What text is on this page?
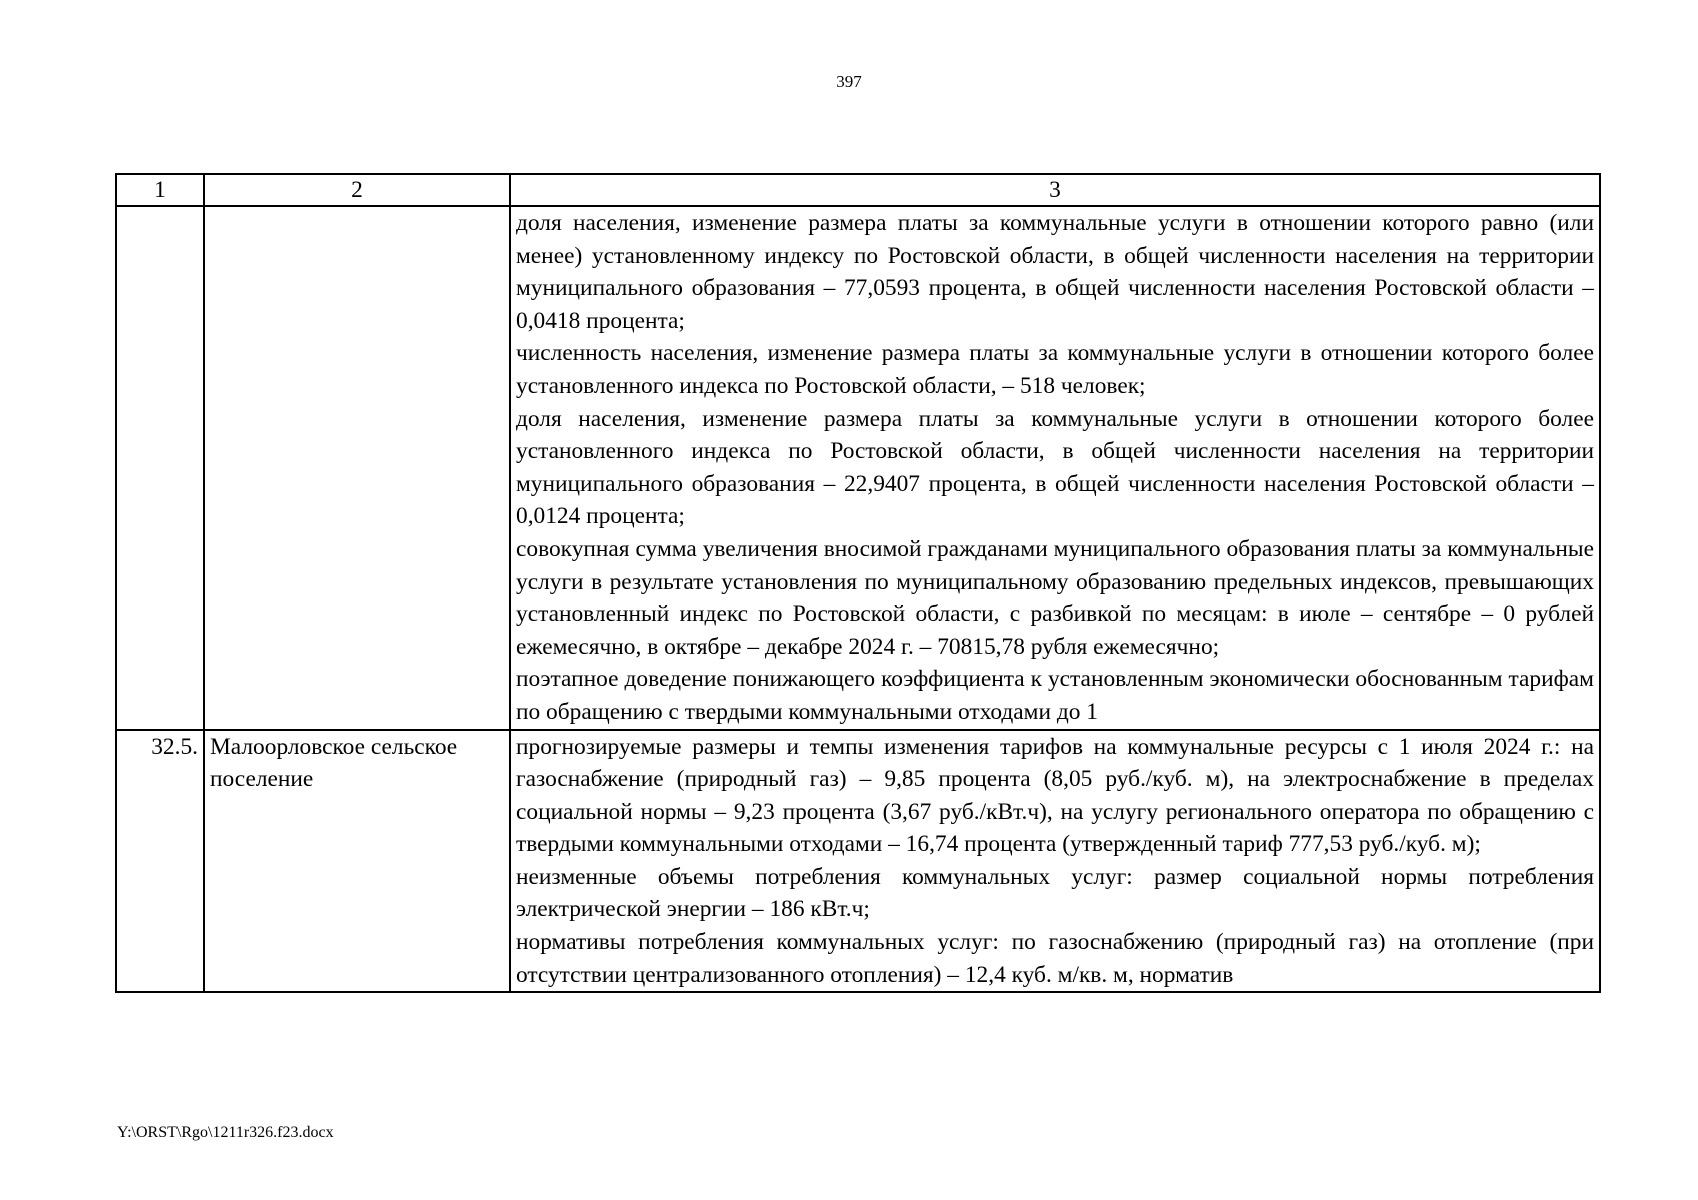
397
1	2	3

		доля населения, изменение размера платы за коммунальные услуги в отношении которого равно (или менее) установленному индексу по Ростовской области, в общей численности населения на территории муниципального образования – 77,0593 процента, в общей численности населения Ростовской области – 0,0418 процента;
численность населения, изменение размера платы за коммунальные услуги в отношении которого более установленного индекса по Ростовской области, – 518 человек;
доля населения, изменение размера платы за коммунальные услуги в отношении которого более установленного индекса по Ростовской области, в общей численности населения на территории муниципального образования – 22,9407 процента, в общей численности населения Ростовской области – 0,0124 процента;
совокупная сумма увеличения вносимой гражданами муниципального образования платы за коммунальные услуги в результате установления по муниципальному образованию предельных индексов, превышающих установленный индекс по Ростовской области, с разбивкой по месяцам: в июле – сентябре – 0 рублей ежемесячно, в октябре – декабре 2024 г. – 70815,78 рубля ежемесячно;
поэтапное доведение понижающего коэффициента к установленным экономически обоснованным тарифам по обращению с твердыми коммунальными отходами до 1

32.5.	Малоорловское сельское поселение	прогнозируемые размеры и темпы изменения тарифов на коммунальные ресурсы с 1 июля 2024 г.: на газоснабжение (природный газ) – 9,85 процента (8,05 руб./куб. м), на электроснабжение в пределах социальной нормы – 9,23 процента (3,67 руб./кВт.ч), на услугу регионального оператора по обращению с твердыми коммунальными отходами – 16,74 процента (утвержденный тариф 777,53 руб./куб. м);
неизменные объемы потребления коммунальных услуг: размер социальной нормы потребления электрической энергии – 186 кВт.ч;
нормативы потребления коммунальных услуг: по газоснабжению (природный газ) на отопление (при отсутствии централизованного отопления) – 12,4 куб. м/кв. м, норматив
Y:\ORST\Rgo\1211r326.f23.docx
